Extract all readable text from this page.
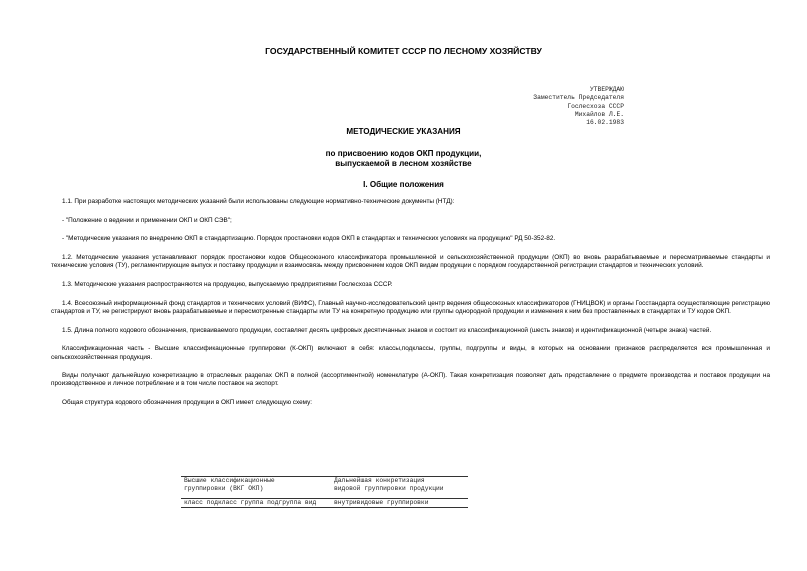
ГОСУДАРСТВЕННЫЙ КОМИТЕТ СССР ПО ЛЕСНОМУ ХОЗЯЙСТВУ
УТВЕРЖДАЮ
Заместитель Председателя
Гослесхоза СССР
Михайлов Л.Е.
16.02.1983
МЕТОДИЧЕСКИЕ УКАЗАНИЯ
по присвоению кодов ОКП продукции,
выпускаемой в лесном хозяйстве
I. Общие положения

1.1. При разработке настоящих методических указаний были использованы следующие нормативно-технические документы (НТД):

- "Положение о ведении и применении ОКП и ОКП СЭВ";

- "Методические указания по внедрению ОКП в стандартизацию. Порядок простановки кодов ОКП в стандартах и технических условиях на продукцию" РД 50-352-82.

1.2. Методические указания устанавливают порядок простановки кодов Общесоюзного классификатора промышленной и сельскохозяйственной продукции (ОКП) во вновь разрабатываемые и пересматриваемые стандарты и технические условия (ТУ), регламентирующие выпуск и поставку продукции и взаимосвязь между присвоением кодов ОКП видам продукции с порядком государственной регистрации стандартов и технических условий.

1.3. Методические указания распространяются на продукцию, выпускаемую предприятиями Гослесхоза СССР.

1.4. Всесоюзный информационный фонд стандартов и технических условий (ВИФС), Главный научно-исследовательский центр ведения общесоюзных классификаторов (ГНИЦВОК) и органы Госстандарта осуществляющие регистрацию стандартов и ТУ, не регистрируют вновь разрабатываемые и пересмотренные стандарты или ТУ на конкретную продукцию или группы однородной продукции и изменения к ним без проставленных в стандартах и ТУ кодов ОКП.

1.5. Длина полного кодового обозначения, присваиваемого продукции, составляет десять цифровых десятичанных знаков и состоит из классификационной (шесть знаков) и идентификационной (четыре знака) частей.

Классификационная часть - Высшие классификационные группировки (К-ОКП) включают в себя: классы,подклассы, группы, подгруппы и виды, в которых на основании признаков распределяется вся промышленная и сельскохозяйственная продукция.

Виды получают дальнейшую конкретизацию в отраслевых разделах ОКП в полной (ассортиментной) номенклатуре (А-ОКП). Такая конкретизация позволяет дать представление о предмете производства и поставок продукции на производственное и личное потребление и в том числе поставок на экспорт.

Общая структура кодового обозначения продукции в ОКП имеет следующую схему:

Высшие классификационные	Дальнейшая конкретизация
группировки (ВКГ ОКП)	видовой группировки продукции
класс подкласс группа подгруппа вид	внутривидовые группировки
